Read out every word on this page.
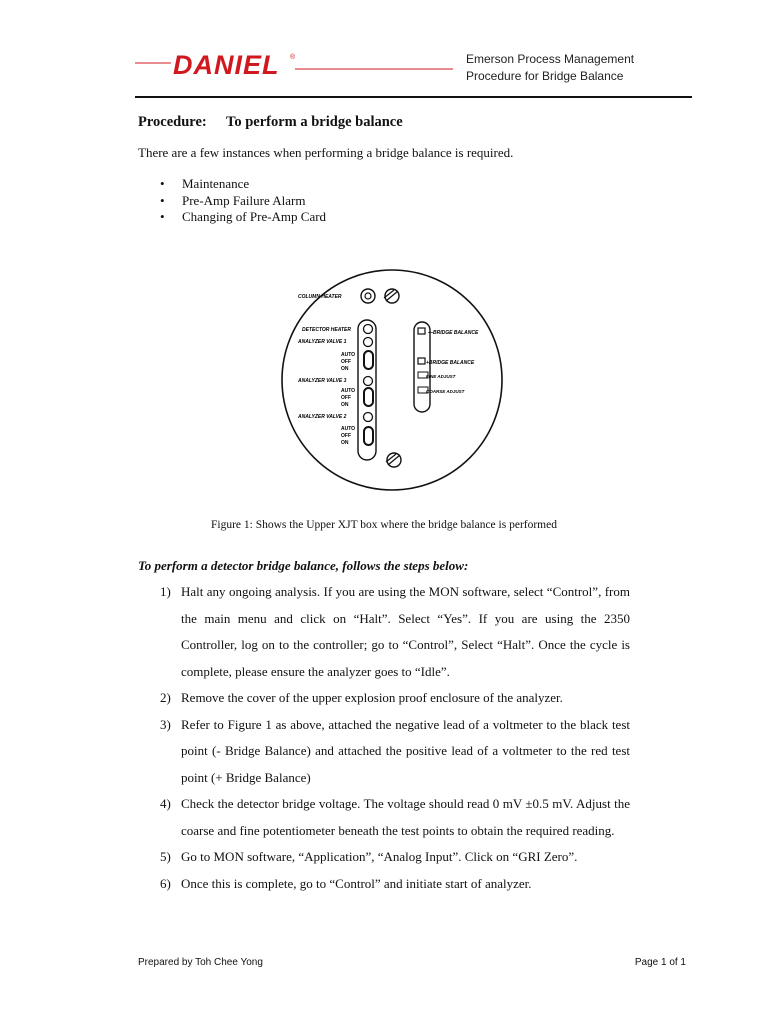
DANIEL ®	Emerson Process Management
Procedure for Bridge Balance
Procedure: To perform a bridge balance
There are a few instances when performing a bridge balance is required.
• Maintenance
• Pre-Amp Failure Alarm
• Changing of Pre-Amp Card
COLUMN HEATER
DETECTOR HEATER
ANALYZER VALVE 1
AUTO
OFF
ON
ANALYZER VALVE 3
AUTO
OFF
ON
ANALYZER VALVE 2
AUTO
OFF
ON
—BRIDGE BALANCE
+BRIDGE BALANCE
FINE ADJUST
COARSE ADJUST
Figure 1: Shows the Upper XJT box where the bridge balance is performed
To perform a detector bridge balance, follows the steps below:
1) Halt any ongoing analysis. If you are using the MON software, select “Control”, from the main menu and click on “Halt”. Select “Yes”. If you are using the 2350 Controller, log on to the controller; go to “Control”, Select “Halt”. Once the cycle is complete, please ensure the analyzer goes to “Idle”.
2) Remove the cover of the upper explosion proof enclosure of the analyzer.
3) Refer to Figure 1 as above, attached the negative lead of a voltmeter to the black test point (- Bridge Balance) and attached the positive lead of a voltmeter to the red test point (+ Bridge Balance)
4) Check the detector bridge voltage. The voltage should read 0 mV ±0.5 mV. Adjust the coarse and fine potentiometer beneath the test points to obtain the required reading.
5) Go to MON software, “Application”, “Analog Input”. Click on “GRI Zero”.
6) Once this is complete, go to “Control” and initiate start of analyzer.
Prepared by Toh Chee Yong	Page 1 of 1
